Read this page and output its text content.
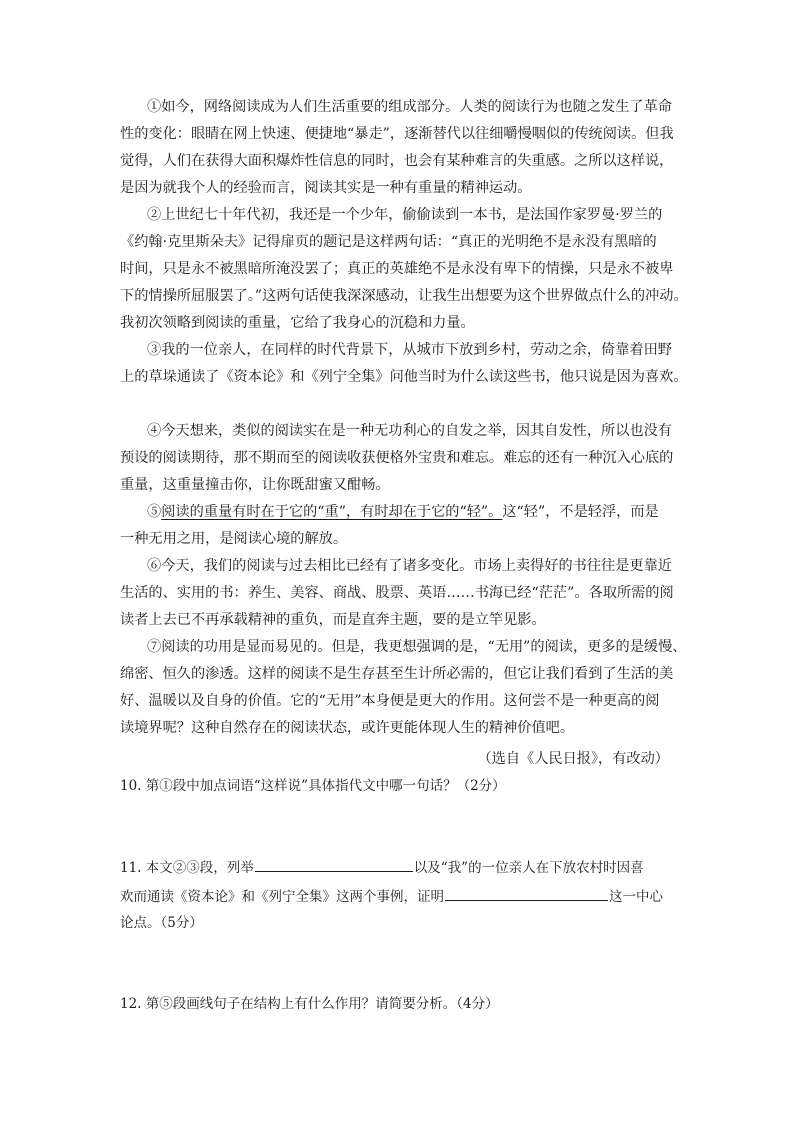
①如今，网络阅读成为人们生活重要的组成部分。人类的阅读行为也随之发生了革命
性的变化：眼睛在网上快速、便捷地“暴走”，逐渐替代以往细嚼慢咽似的传统阅读。但我
觉得，人们在获得大面积爆炸性信息的同时，也会有某种难言的失重感。之所以这样说，
是因为就我个人的经验而言，阅读其实是一种有重量的精神运动。
②上世纪七十年代初，我还是一个少年，偷偷读到一本书，是法国作家罗曼·罗兰的
《约翰·克里斯朵夫》记得扉页的题记是这样两句话：“真正的光明绝不是永没有黑暗的
时间，只是永不被黑暗所淹没罢了；真正的英雄绝不是永没有卑下的情操，只是永不被卑
下的情操所屈服罢了。”这两句话使我深深感动，让我生出想要为这个世界做点什么的冲动。
我初次领略到阅读的重量，它给了我身心的沉稳和力量。
③我的一位亲人，在同样的时代背景下，从城市下放到乡村，劳动之余，倚靠着田野
上的草垛通读了《资本论》和《列宁全集》问他当时为什么读这些书，他只说是因为喜欢。
④今天想来，类似的阅读实在是一种无功利心的自发之举，因其自发性，所以也没有
预设的阅读期待，那不期而至的阅读收获便格外宝贵和难忘。难忘的还有一种沉入心底的
重量，这重量撞击你，让你既甜蜜又酣畅。
⑤阅读的重量有时在于它的“重”，有时却在于它的“轻”。这“轻”，不是轻浮，而是
一种无用之用，是阅读心境的解放。
⑥今天，我们的阅读与过去相比已经有了诸多变化。市场上卖得好的书往往是更靠近
生活的、实用的书：养生、美容、商战、股票、英语……书海已经“茫茫”。各取所需的阅
读者上去已不再承载精神的重负，而是直奔主题，要的是立竿见影。
⑦阅读的功用是显而易见的。但是，我更想强调的是，“无用”的阅读，更多的是缓慢、
绵密、恒久的渗透。这样的阅读不是生存甚至生计所必需的，但它让我们看到了生活的美
好、温暖以及自身的价值。它的“无用”本身便是更大的作用。这何尝不是一种更高的阅
读境界呢？这种自然存在的阅读状态，或许更能体现人生的精神价值吧。
（选自《人民日报》，有改动）
10. 第①段中加点词语“这样说”具体指代文中哪一句话？（2分）
11. 本文②③段，列举	以及“我”的一位亲人在下放农村时因喜
欢而通读《资本论》和《列宁全集》这两个事例，证明	这一中心
论点。（5分）
12. 第⑤段画线句子在结构上有什么作用？请简要分析。（4分）
